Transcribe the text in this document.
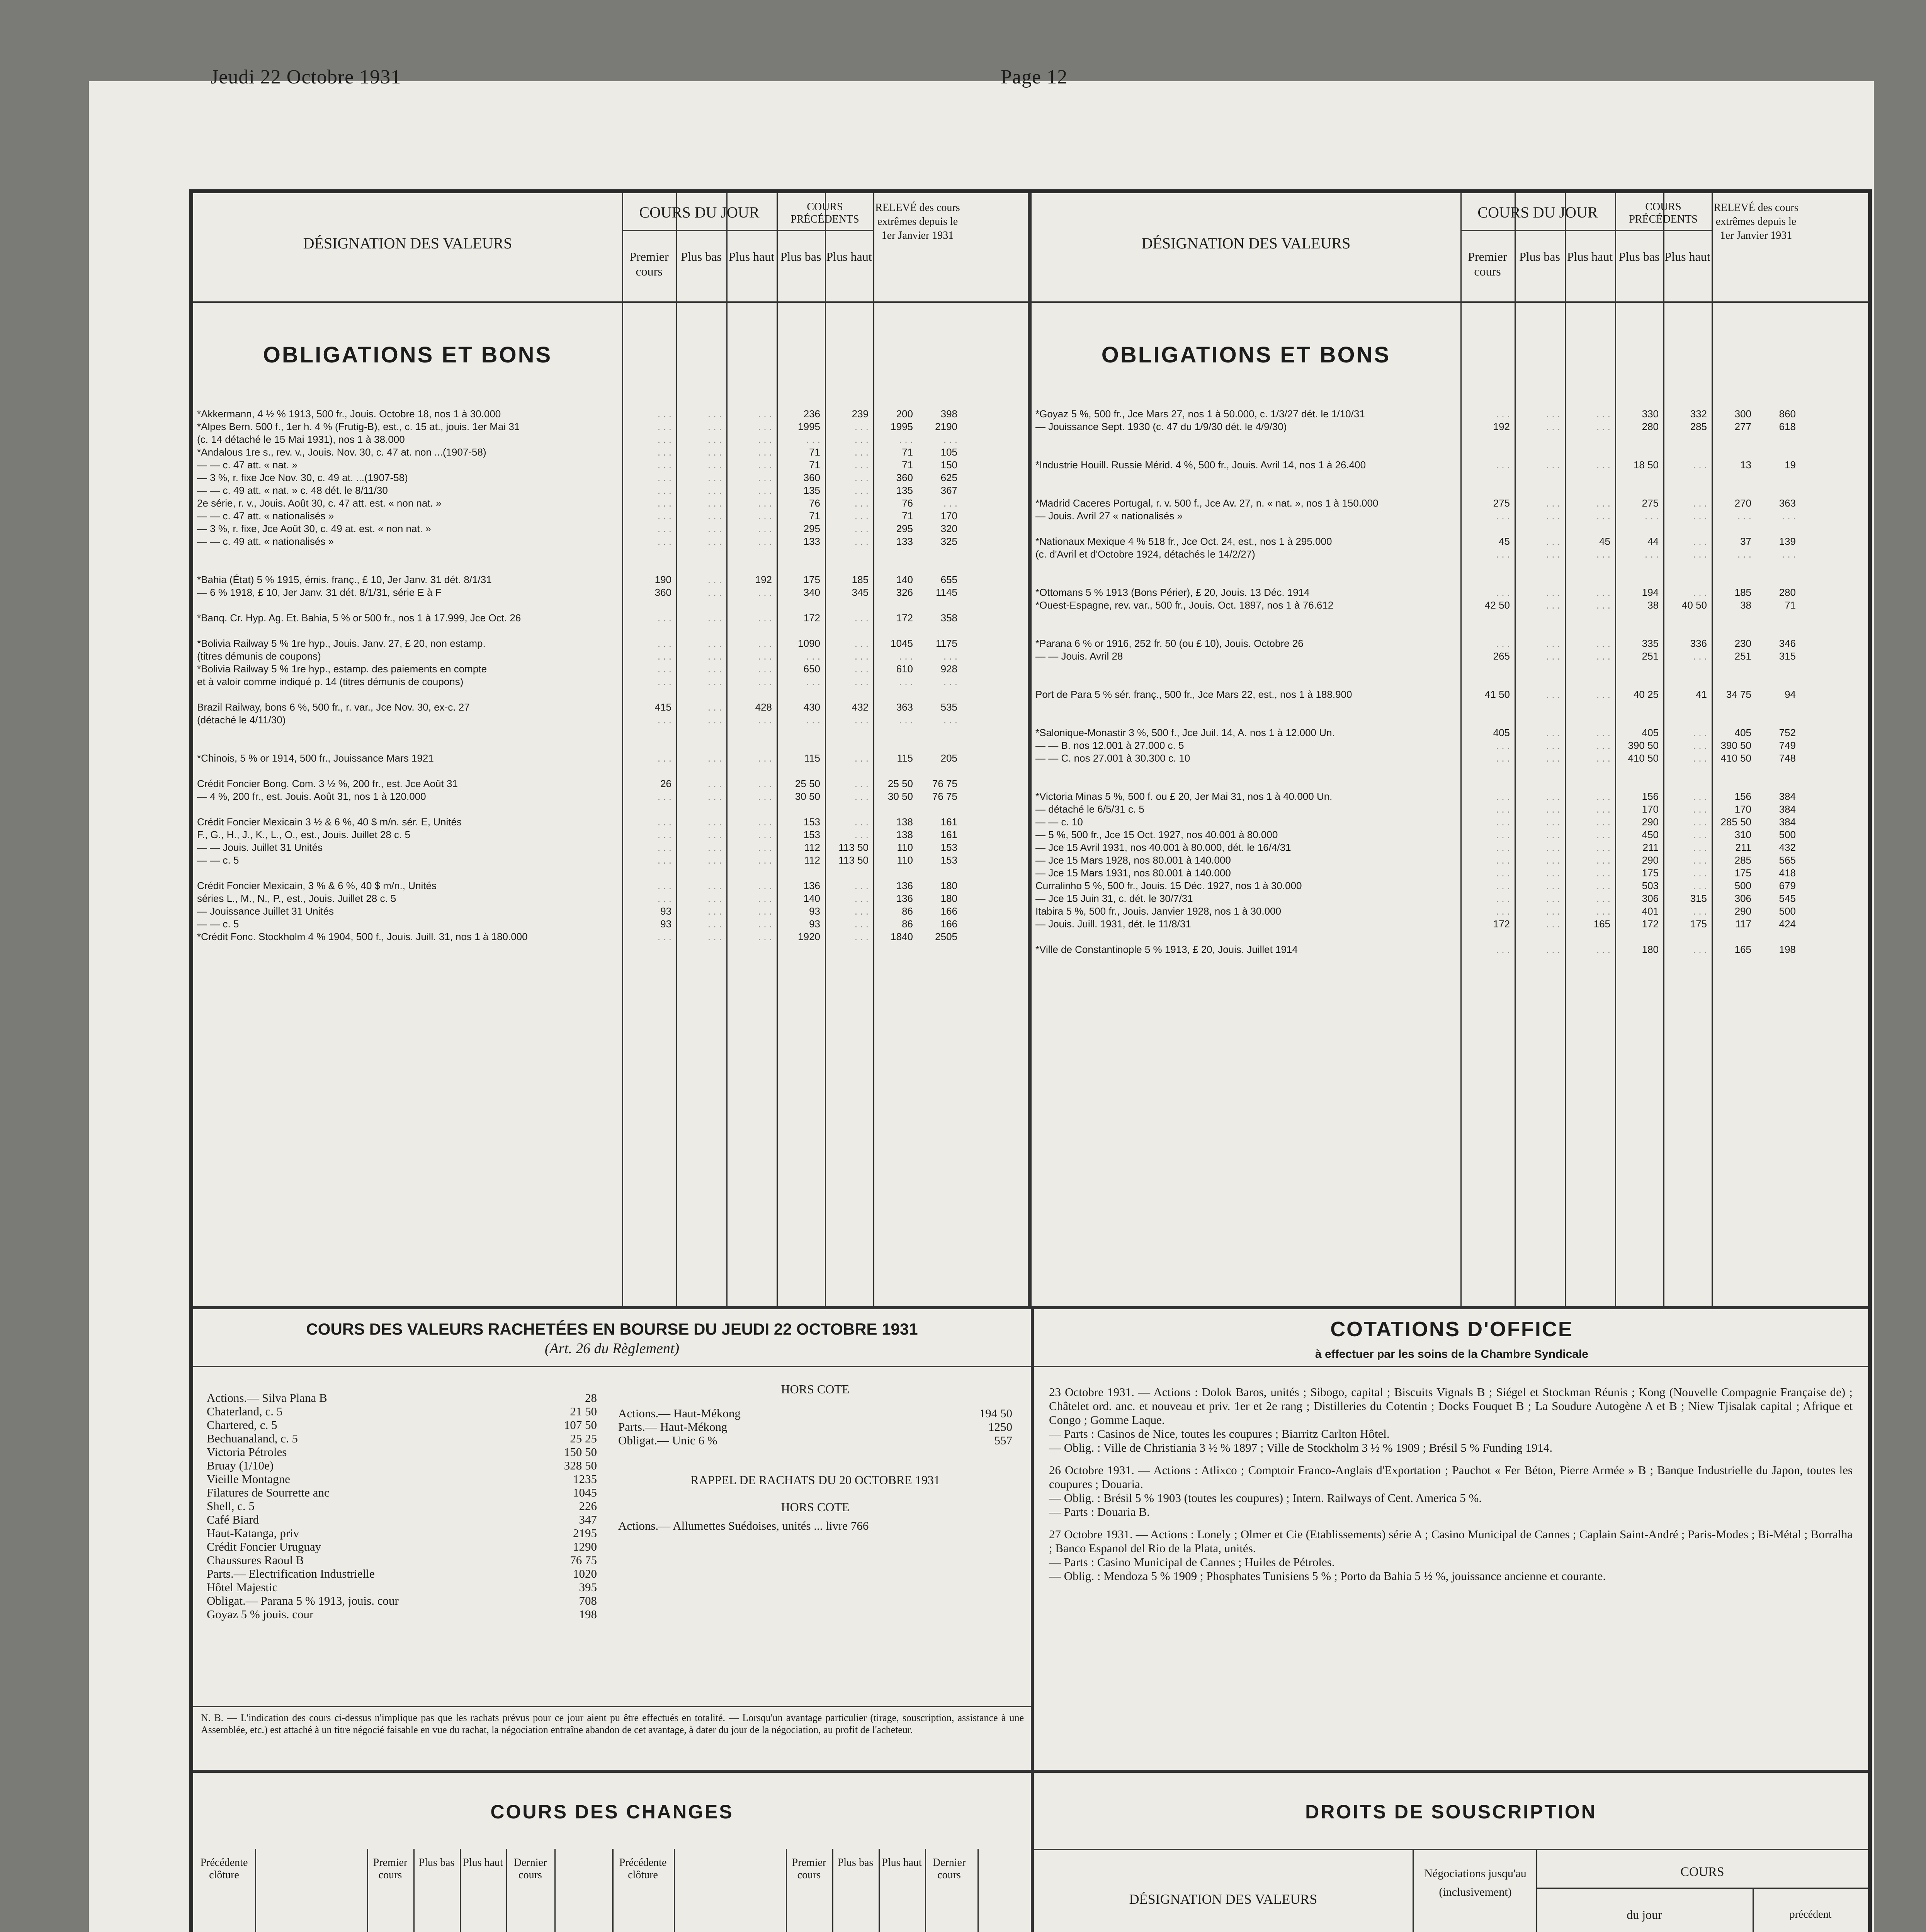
Jeudi 22 Octobre 1931	Page 12
DÉSIGNATION DES VALEURS
COURS DU JOUR
Premier cours
Plus bas Plus haut
COURS PRÉCÉDENTS
Plus bas Plus haut
RELEVÉ des cours extrêmes depuis le 1er Janvier 1931
OBLIGATIONS ET BONS
*Akkermann, 4 ½ % 1913, 500 fr., Jouis. Octobre 18, nos 1 à 30.000	. . .	. . .	. . .	236	239	200	398
*Alpes Bern. 500 f., 1er h. 4 % (Frutig-B), est., c. 15 at., jouis. 1er Mai 31	. . .	. . .	. . .	1995	. . .	1995	2190
(c. 14 détaché le 15 Mai 1931), nos 1 à 38.000	. . .	. . .	. . .	. . .	. . .	. . .	. . .
*Andalous 1re s., rev. v., Jouis. Nov. 30, c. 47 at. non ...(1907-58)	. . .	. . .	. . .	71	. . .	71	105
— — c. 47 att. « nat. »	. . .	. . .	. . .	71	. . .	71	150
— 3 %, r. fixe Jce Nov. 30, c. 49 at. ...(1907-58)	. . .	. . .	. . .	360	. . .	360	625
— — c. 49 att. « nat. » c. 48 dét. le 8/11/30	. . .	. . .	. . .	135	. . .	135	367
2e série, r. v., Jouis. Août 30, c. 47 att. est. « non nat. »	. . .	. . .	. . .	76	. . .	76	. . .
— — c. 47 att. « nationalisés »	. . .	. . .	. . .	71	. . .	71	170
— 3 %, r. fixe, Jce Août 30, c. 49 at. est. « non nat. »	. . .	. . .	. . .	295	. . .	295	320
— — c. 49 att. « nationalisés »	. . .	. . .	. . .	133	. . .	133	325
*Bahia (État) 5 % 1915, émis. franç., £ 10, Jer Janv. 31 dét. 8/1/31	190	. . .	192	175	185	140	655
— 6 % 1918, £ 10, Jer Janv. 31 dét. 8/1/31, série E à F	360	. . .	. . .	340	345	326	1145
*Banq. Cr. Hyp. Ag. Et. Bahia, 5 % or 500 fr., nos 1 à 17.999, Jce Oct. 26	. . .	. . .	. . .	172	. . .	172	358
*Bolivia Railway 5 % 1re hyp., Jouis. Janv. 27, £ 20, non estamp.	. . .	. . .	. . .	1090	. . .	1045	1175
(titres démunis de coupons)	. . .	. . .	. . .	. . .	. . .	. . .	. . .
*Bolivia Railway 5 % 1re hyp., estamp. des paiements en compte	. . .	. . .	. . .	650	. . .	610	928
et à valoir comme indiqué p. 14 (titres démunis de coupons)	. . .	. . .	. . .	. . .	. . .	. . .	. . .
Brazil Railway, bons 6 %, 500 fr., r. var., Jce Nov. 30, ex-c. 27	415	. . .	428	430	432	363	535
(détaché le 4/11/30)	. . .	. . .	. . .	. . .	. . .	. . .	. . .
*Chinois, 5 % or 1914, 500 fr., Jouissance Mars 1921	. . .	. . .	. . .	115	. . .	115	205
Crédit Foncier Bong. Com. 3 ½ %, 200 fr., est. Jce Août 31	26	. . .	. . .	25 50	. . .	25 50	76 75
— 4 %, 200 fr., est. Jouis. Août 31, nos 1 à 120.000	. . .	. . .	. . .	30 50	. . .	30 50	76 75
Crédit Foncier Mexicain 3 ½ & 6 %, 40 $ m/n. sér. E, Unités	. . .	. . .	. . .	153	. . .	138	161
F., G., H., J., K., L., O., est., Jouis. Juillet 28 c. 5	. . .	. . .	. . .	153	. . .	138	161
— — Jouis. Juillet 31 Unités	. . .	. . .	. . .	112	113 50	110	153
— — c. 5	. . .	. . .	. . .	112	113 50	110	153
Crédit Foncier Mexicain, 3 % & 6 %, 40 $ m/n., Unités	. . .	. . .	. . .	136	. . .	136	180
séries L., M., N., P., est., Jouis. Juillet 28 c. 5	. . .	. . .	. . .	140	. . .	136	180
— Jouissance Juillet 31 Unités	93	. . .	. . .	93	. . .	86	166
— — c. 5	93	. . .	. . .	93	. . .	86	166
*Crédit Fonc. Stockholm 4 % 1904, 500 f., Jouis. Juill. 31, nos 1 à 180.000	. . .	. . .	. . .	1920	. . .	1840	2505
DÉSIGNATION DES VALEURS
COURS DU JOUR
Premier cours
Plus bas Plus haut
COURS PRÉCÉDENTS
Plus bas Plus haut
RELEVÉ des cours extrêmes depuis le 1er Janvier 1931
OBLIGATIONS ET BONS
*Goyaz 5 %, 500 fr., Jce Mars 27, nos 1 à 50.000, c. 1/3/27 dét. le 1/10/31	. . .	. . .	. . .	330	332	300	860
— Jouissance Sept. 1930 (c. 47 du 1/9/30 dét. le 4/9/30)	192	. . .	. . .	280	285	277	618
*Industrie Houill. Russie Mérid. 4 %, 500 fr., Jouis. Avril 14, nos 1 à 26.400	. . .	. . .	. . .	18 50	. . .	13	19
*Madrid Caceres Portugal, r. v. 500 f., Jce Av. 27, n. « nat. », nos 1 à 150.000	275	. . .	. . .	275	. . .	270	363
— Jouis. Avril 27 « nationalisés »	. . .	. . .	. . .	. . .	. . .	. . .	. . .
*Nationaux Mexique 4 % 518 fr., Jce Oct. 24, est., nos 1 à 295.000	45	. . .	45	44	. . .	37	139
(c. d'Avril et d'Octobre 1924, détachés le 14/2/27)	. . .	. . .	. . .	. . .	. . .	. . .	. . .
*Ottomans 5 % 1913 (Bons Périer), £ 20, Jouis. 13 Déc. 1914	. . .	. . .	. . .	194	. . .	185	280
*Ouest-Espagne, rev. var., 500 fr., Jouis. Oct. 1897, nos 1 à 76.612	42 50	. . .	. . .	38	40 50	38	71
*Parana 6 % or 1916, 252 fr. 50 (ou £ 10), Jouis. Octobre 26	. . .	. . .	. . .	335	336	230	346
— — Jouis. Avril 28	265	. . .	. . .	251	. . .	251	315
Port de Para 5 % sér. franç., 500 fr., Jce Mars 22, est., nos 1 à 188.900	41 50	. . .	. . .	40 25	41	34 75	94
*Salonique-Monastir 3 %, 500 f., Jce Juil. 14, A. nos 1 à 12.000 Un.	405	. . .	. . .	405	. . .	405	752
— — B. nos 12.001 à 27.000 c. 5	. . .	. . .	. . .	390 50	. . .	390 50	749
— — C. nos 27.001 à 30.300 c. 10	. . .	. . .	. . .	410 50	. . .	410 50	748
*Victoria Minas 5 %, 500 f. ou £ 20, Jer Mai 31, nos 1 à 40.000 Un.	. . .	. . .	. . .	156	. . .	156	384
— détaché le 6/5/31 c. 5	. . .	. . .	. . .	170	. . .	170	384
— — c. 10	. . .	. . .	. . .	290	. . .	285 50	384
— 5 %, 500 fr., Jce 15 Oct. 1927, nos 40.001 à 80.000	. . .	. . .	. . .	450	. . .	310	500
— Jce 15 Avril 1931, nos 40.001 à 80.000, dét. le 16/4/31	. . .	. . .	. . .	211	. . .	211	432
— Jce 15 Mars 1928, nos 80.001 à 140.000	. . .	. . .	. . .	290	. . .	285	565
— Jce 15 Mars 1931, nos 80.001 à 140.000	. . .	. . .	. . .	175	. . .	175	418
Curralinho 5 %, 500 fr., Jouis. 15 Déc. 1927, nos 1 à 30.000	. . .	. . .	. . .	503	. . .	500	679
— Jce 15 Juin 31, c. dét. le 30/7/31	. . .	. . .	. . .	306	315	306	545
Itabira 5 %, 500 fr., Jouis. Janvier 1928, nos 1 à 30.000	. . .	. . .	. . .	401	. . .	290	500
— Jouis. Juill. 1931, dét. le 11/8/31	172	. . .	165	172	175	117	424
*Ville de Constantinople 5 % 1913, £ 20, Jouis. Juillet 1914	. . .	. . .	. . .	180	. . .	165	198
COURS DES VALEURS RACHETÉES EN BOURSE DU JEUDI 22 OCTOBRE 1931
(Art. 26 du Règlement)
Actions.— Silva Plana B	28
Chaterland, c. 5	21 50
Chartered, c. 5	107 50
Bechuanaland, c. 5	25 25
Victoria Pétroles	150 50
Bruay (1/10e)	328 50
Vieille Montagne	1235
Filatures de Sourrette anc	1045
Shell, c. 5	226
Café Biard	347
Haut-Katanga, priv	2195
Crédit Foncier Uruguay	1290
Chaussures Raoul B	76 75
Parts.— Electrification Industrielle	1020
Hôtel Majestic	395
Obligat.— Parana 5 % 1913, jouis. cour	708
Goyaz 5 % jouis. cour	198
HORS COTE
Actions.— Haut-Mékong	194 50
Parts.— Haut-Mékong	1250
Obligat.— Unic 6 %	557
RAPPEL DE RACHATS DU 20 OCTOBRE 1931
HORS COTE
Actions.— Allumettes Suédoises, unités ... livre 766
N. B. — L'indication des cours ci-dessus n'implique pas que les rachats prévus pour ce jour aient pu être effectués en totalité. — Lorsqu'un avantage particulier (tirage, souscription, assistance à une Assemblée, etc.) est attaché à un titre négocié faisable en vue du rachat, la négociation entraîne abandon de cet avantage, à dater du jour de la négociation, au profit de l'acheteur.
COTATIONS D'OFFICE
à effectuer par les soins de la Chambre Syndicale

23 Octobre 1931. — Actions : Dolok Baros, unités ; Sibogo, capital ; Biscuits Vignals B ; Siégel et Stockman Réunis ; Kong (Nouvelle Compagnie Française de) ; Châtelet ord. anc. et nouveau et priv. 1er et 2e rang ; Distilleries du Cotentin ; Docks Fouquet B ; La Soudure Autogène A et B ; Niew Tjisalak capital ; Afrique et Congo ; Gomme Laque.

— Parts : Casinos de Nice, toutes les coupures ; Biarritz Carlton Hôtel.

— Oblig. : Ville de Christiania 3 ½ % 1897 ; Ville de Stockholm 3 ½ % 1909 ; Brésil 5 % Funding 1914.

26 Octobre 1931. — Actions : Atlixco ; Comptoir Franco-Anglais d'Exportation ; Pauchot « Fer Béton, Pierre Armée » B ; Banque Industrielle du Japon, toutes les coupures ; Douaria.

— Oblig. : Brésil 5 % 1903 (toutes les coupures) ; Intern. Railways of Cent. America 5 %.

— Parts : Douaria B.

27 Octobre 1931. — Actions : Lonely ; Olmer et Cie (Etablissements) série A ; Casino Municipal de Cannes ; Caplain Saint-André ; Paris-Modes ; Bi-Métal ; Borralha ; Banco Espanol del Rio de la Plata, unités.

— Parts : Casino Municipal de Cannes ; Huiles de Pétroles.

— Oblig. : Mendoza 5 % 1909 ; Phosphates Tunisiens 5 % ; Porto da Bahia 5 ½ %, jouissance ancienne et courante.

COURS DES CHANGES
Précédente clôture
Premier cours
Plus bas Plus haut	Dernier cours
Précédente clôture
Premier cours
Plus bas Plus haut	Dernier cours
DROITS DE SOUSCRIPTION
DÉSIGNATION DES VALEURS
Négociations jusqu'au (inclusivement)
COURS
du jour	précédent
